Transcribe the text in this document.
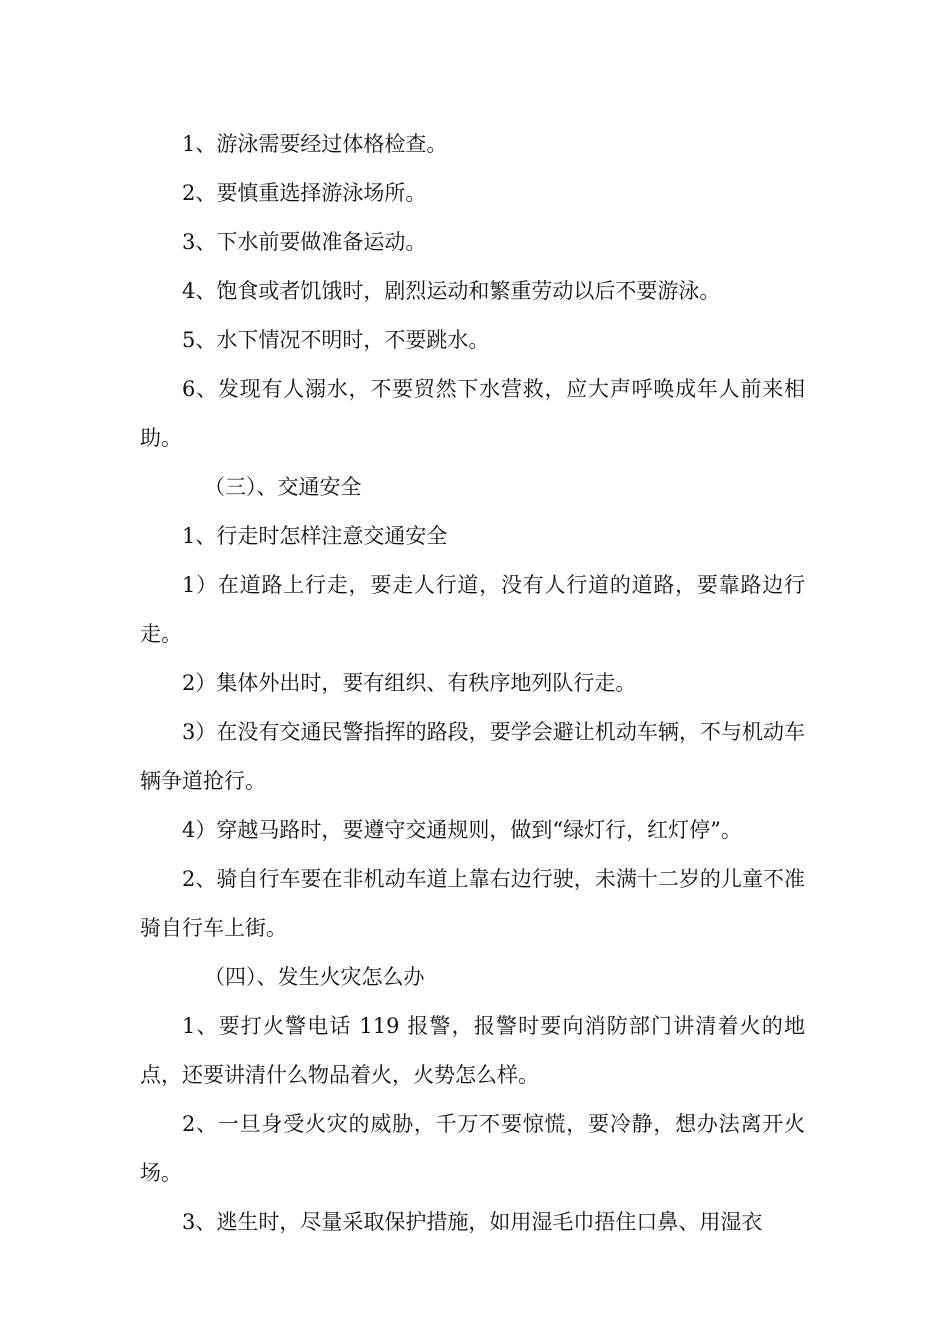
1、游泳需要经过体格检查。

2、要慎重选择游泳场所。

3、下水前要做准备运动。

4、饱食或者饥饿时，剧烈运动和繁重劳动以后不要游泳。

5、水下情况不明时，不要跳水。

6、发现有人溺水，不要贸然下水营救，应大声呼唤成年人前来相助。

（三）、交通安全

1、行走时怎样注意交通安全

1）在道路上行走，要走人行道，没有人行道的道路，要靠路边行走。

2）集体外出时，要有组织、有秩序地列队行走。

3）在没有交通民警指挥的路段，要学会避让机动车辆，不与机动车辆争道抢行。

4）穿越马路时，要遵守交通规则，做到“绿灯行，红灯停”。

2、骑自行车要在非机动车道上靠右边行驶，未满十二岁的儿童不准骑自行车上街。

（四）、发生火灾怎么办

1、要打火警电话 119 报警，报警时要向消防部门讲清着火的地点，还要讲清什么物品着火，火势怎么样。

2、一旦身受火灾的威胁，千万不要惊慌，要冷静，想办法离开火场。

3、逃生时，尽量采取保护措施，如用湿毛巾捂住口鼻、用湿衣
